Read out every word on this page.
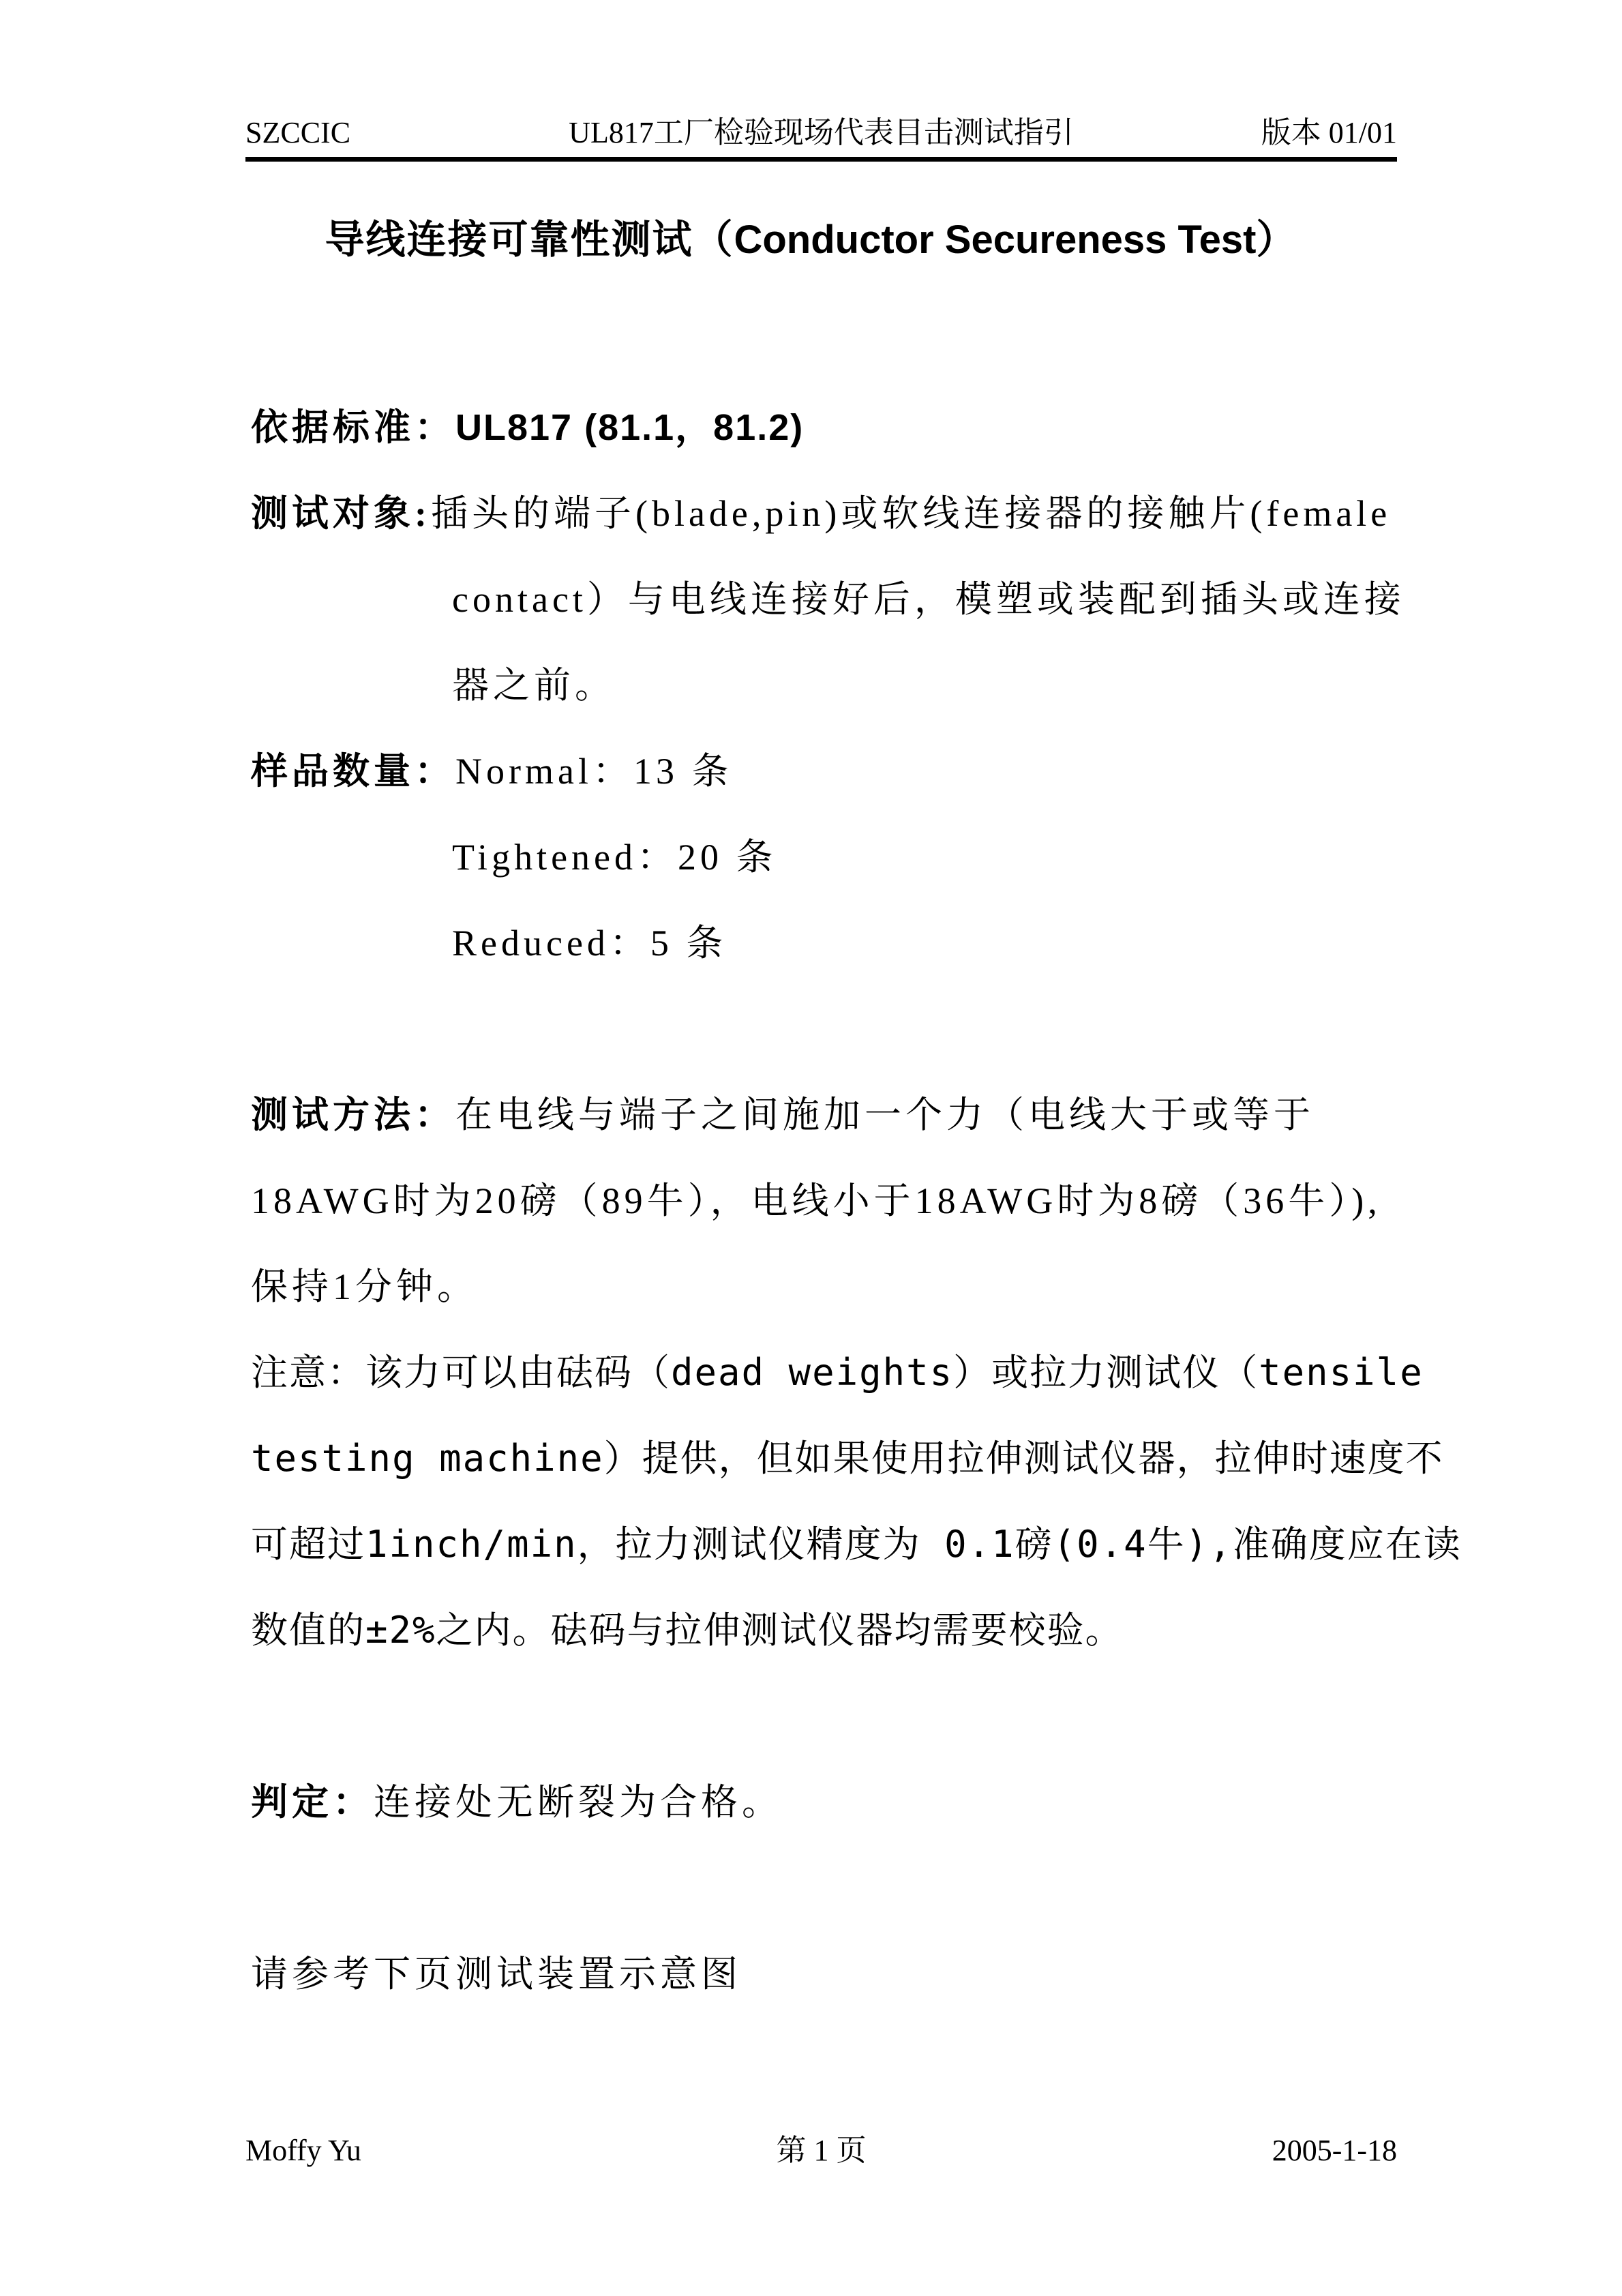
SZCCIC	UL817工厂检验现场代表目击测试指引	版本 01/01
导线连接可靠性测试（Conductor Secureness Test）
依据标准：UL817 (81.1，81.2)
测试对象:插头的端子(blade,pin)或软线连接器的接触片(female
contact）与电线连接好后，模塑或装配到插头或连接
器之前。
样品数量：Normal：13 条
Tightened：20 条
Reduced：5 条
测试方法：在电线与端子之间施加一个力（电线大于或等于
18AWG时为20磅（89牛），电线小于18AWG时为8磅（36牛）),
保持1分钟。
注意：该力可以由砝码（dead weights）或拉力测试仪（tensile
testing machine）提供，但如果使用拉伸测试仪器，拉伸时速度不
可超过1inch/min，拉力测试仪精度为 0.1磅(0.4牛),准确度应在读
数值的±2%之内。砝码与拉伸测试仪器均需要校验。
判定：连接处无断裂为合格。
请参考下页测试装置示意图
Moffy Yu	第 1 页	2005-1-18
